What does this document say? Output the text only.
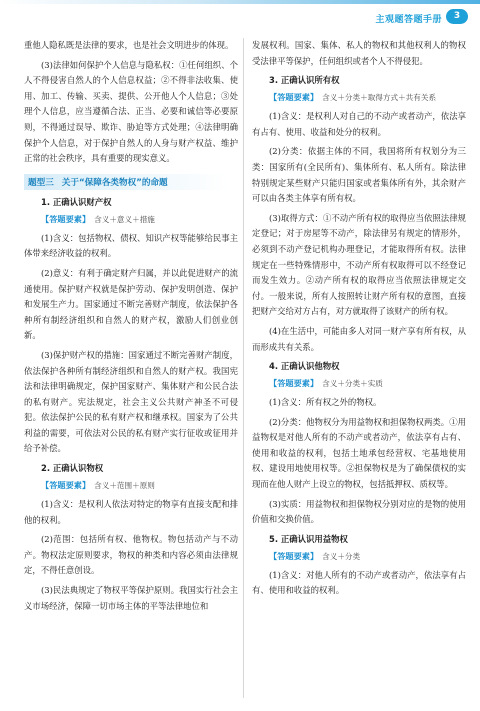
主观题答题手册	3

重他人隐私既是法律的要求，也是社会文明进步的体现。

(3)法律如何保护个人信息与隐私权：①任何组织、个人不得侵害自然人的个人信息权益；②不得非法收集、使用、加工、传输、买卖、提供、公开他人个人信息；③处理个人信息，应当遵循合法、正当、必要和诚信等必要原则，不得通过误导、欺诈、胁迫等方式处理；④法律明确保护个人信息，对于保护自然人的人身与财产权益、维护正常的社会秩序，具有重要的现实意义。

题型三 关于“保障各类物权”的命题
1. 正确认识财产权
【答题要素】 含义＋意义＋措施

(1)含义：包括物权、债权、知识产权等能够给民事主体带来经济收益的权利。

(2)意义：有利于确定财产归属，并以此促进财产的流通使用。保护财产权就是保护劳动、保护发明创造、保护和发展生产力。国家通过不断完善财产制度，依法保护各种所有制经济组织和自然人的财产权，激励人们创业创新。

(3)保护财产权的措施：国家通过不断完善财产制度，依法保护各种所有制经济组织和自然人的财产权。我国宪法和法律明确规定，保护国家财产、集体财产和公民合法的私有财产。宪法规定，社会主义公共财产神圣不可侵犯。依法保护公民的私有财产权和继承权。国家为了公共利益的需要，可依法对公民的私有财产实行征收或征用并给予补偿。

2. 正确认识物权
【答题要素】 含义＋范围＋原则

(1)含义：是权利人依法对特定的物享有直接支配和排他的权利。

(2)范围：包括所有权、他物权。物包括动产与不动产。物权法定原则要求，物权的种类和内容必须由法律规定，不得任意创设。

(3)民法典规定了物权平等保护原则。我国实行社会主义市场经济，保障一切市场主体的平等法律地位和

发展权利。国家、集体、私人的物权和其他权利人的物权受法律平等保护，任何组织或者个人不得侵犯。

3. 正确认识所有权
【答题要素】 含义＋分类＋取得方式＋共有关系

(1)含义：是权利人对自己的不动产或者动产，依法享有占有、使用、收益和处分的权利。

(2)分类：依据主体的不同，我国将所有权划分为三类：国家所有(全民所有)、集体所有、私人所有。除法律特别规定某些财产只能归国家或者集体所有外，其余财产可以由各类主体享有所有权。

(3)取得方式：①不动产所有权的取得应当依照法律规定登记；对于房屋等不动产，除法律另有规定的情形外，必须到不动产登记机构办理登记，才能取得所有权。法律规定在一些特殊情形中，不动产所有权取得可以不经登记而发生效力。②动产所有权的取得应当依照法律规定交付。一般来说，所有人按照转让财产所有权的意图，直接把财产交给对方占有，对方就取得了该财产的所有权。

(4)在生活中，可能由多人对同一财产享有所有权，从而形成共有关系。

4. 正确认识他物权
【答题要素】 含义＋分类＋实质

(1)含义：所有权之外的物权。

(2)分类：他物权分为用益物权和担保物权两类。①用益物权是对他人所有的不动产或者动产，依法享有占有、使用和收益的权利，包括土地承包经营权、宅基地使用权、建设用地使用权等。②担保物权是为了确保债权的实现而在他人财产上设立的物权，包括抵押权、质权等。

(3)实质：用益物权和担保物权分别对应的是物的使用价值和交换价值。

5. 正确认识用益物权
【答题要素】 含义＋分类

(1)含义：对他人所有的不动产或者动产，依法享有占有、使用和收益的权利。
